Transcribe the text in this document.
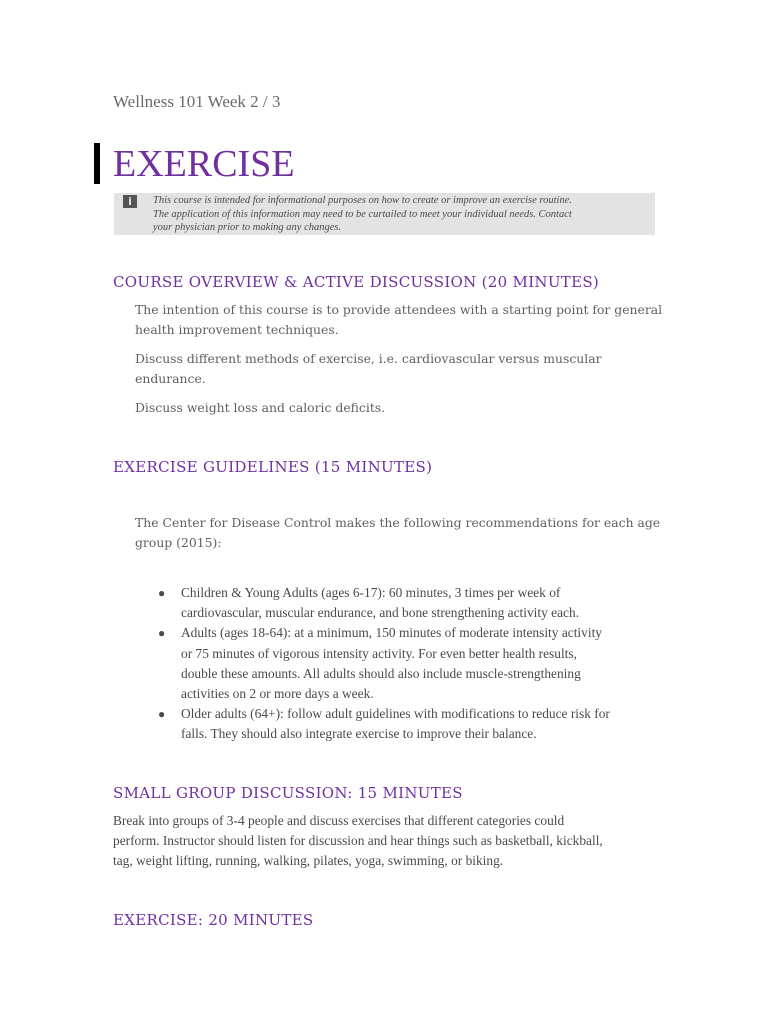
Wellness 101 Week 2 / 3
EXERCISE
i	This course is intended for informational purposes on how to create or improve an exercise routine.
The application of this information may need to be curtailed to meet your individual needs. Contact
your physician prior to making any changes.
COURSE OVERVIEW & ACTIVE DISCUSSION (20 MINUTES)
The intention of this course is to provide attendees with a starting point for general
health improvement techniques.
Discuss different methods of exercise, i.e. cardiovascular versus muscular
endurance.
Discuss weight loss and caloric deficits.
EXERCISE GUIDELINES (15 MINUTES)
The Center for Disease Control makes the following recommendations for each age
group (2015):
● Children & Young Adults (ages 6-17): 60 minutes, 3 times per week of
cardiovascular, muscular endurance, and bone strengthening activity each.
● Adults (ages 18-64): at a minimum, 150 minutes of moderate intensity activity
or 75 minutes of vigorous intensity activity. For even better health results,
double these amounts. All adults should also include muscle-strengthening
activities on 2 or more days a week.
● Older adults (64+): follow adult guidelines with modifications to reduce risk for
falls. They should also integrate exercise to improve their balance.
SMALL GROUP DISCUSSION: 15 MINUTES
Break into groups of 3-4 people and discuss exercises that different categories could
perform. Instructor should listen for discussion and hear things such as basketball, kickball,
tag, weight lifting, running, walking, pilates, yoga, swimming, or biking.
EXERCISE: 20 MINUTES
